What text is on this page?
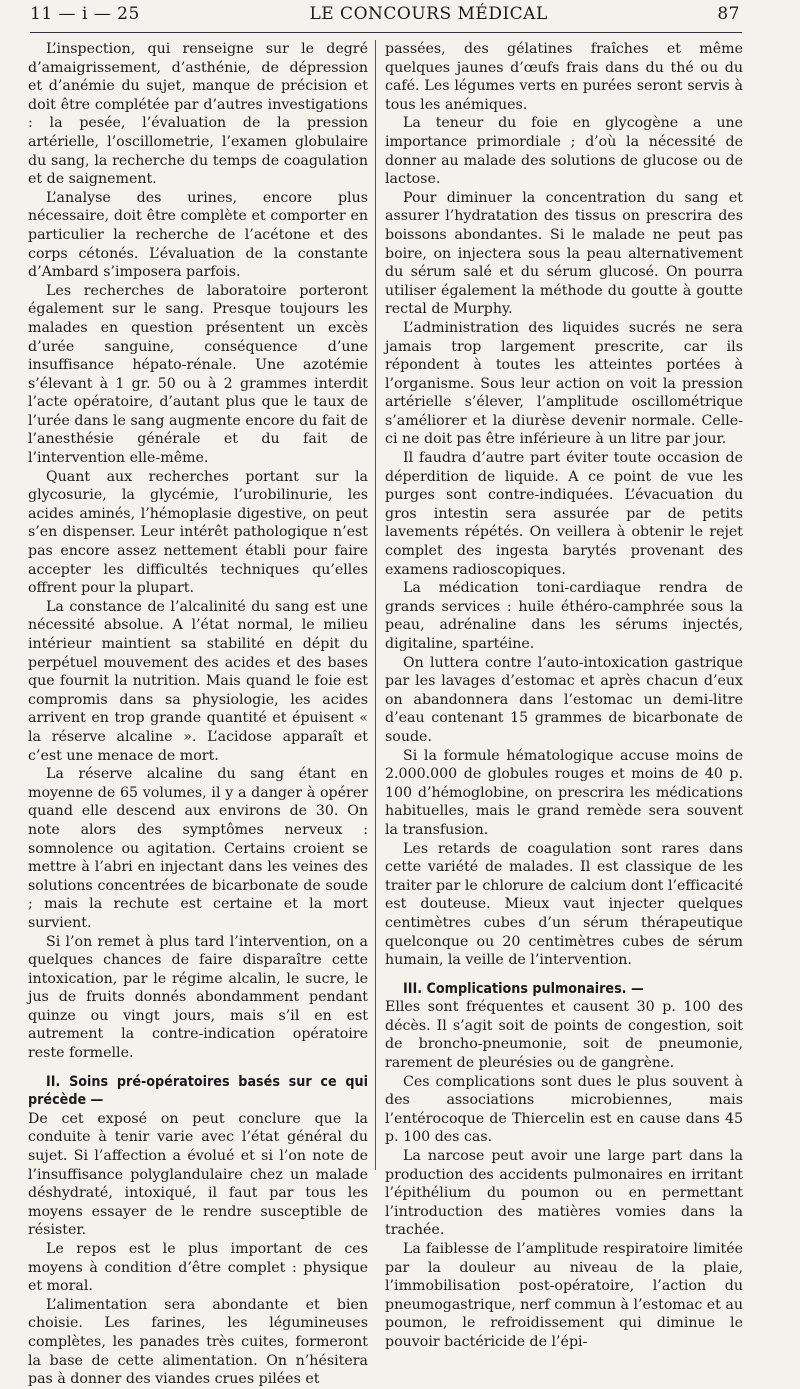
11 — i — 25	LE CONCOURS MÉDICAL	87

L’inspection, qui renseigne sur le degré d’amaigrissement, d’asthénie, de dépression et d’anémie du sujet, manque de précision et doit être complétée par d’autres investigations : la pesée, l’évaluation de la pression artérielle, l’oscillometrie, l’examen globulaire du sang, la recherche du temps de coagulation et de saignement.

L’analyse des urines, encore plus nécessaire, doit être complète et comporter en particulier la recherche de l’acétone et des corps cétonés. L’évaluation de la constante d’Ambard s’imposera parfois.

Les recherches de laboratoire porteront également sur le sang. Presque toujours les malades en question présentent un excès d’urée sanguine, conséquence d’une insuffisance hépato-rénale. Une azotémie s’élevant à 1 gr. 50 ou à 2 grammes interdit l’acte opératoire, d’autant plus que le taux de l’urée dans le sang augmente encore du fait de l’anesthésie générale et du fait de l’intervention elle-même.

Quant aux recherches portant sur la glycosurie, la glycémie, l’urobilinurie, les acides aminés, l’hémoplasie digestive, on peut s’en dispenser. Leur intérêt pathologique n’est pas encore assez nettement établi pour faire accepter les difficultés techniques qu’elles offrent pour la plupart.

La constance de l’alcalinité du sang est une nécessité absolue. A l’état normal, le milieu intérieur maintient sa stabilité en dépit du perpétuel mouvement des acides et des bases que fournit la nutrition. Mais quand le foie est compromis dans sa physiologie, les acides arrivent en trop grande quantité et épuisent « la réserve alcaline ». L’acidose apparaît et c’est une menace de mort.

La réserve alcaline du sang étant en moyenne de 65 volumes, il y a danger à opérer quand elle descend aux environs de 30. On note alors des symptômes nerveux : somnolence ou agitation. Certains croient se mettre à l’abri en injectant dans les veines des solutions concentrées de bicarbonate de soude ; mais la rechute est certaine et la mort survient.

Si l’on remet à plus tard l’intervention, on a quelques chances de faire disparaître cette intoxication, par le régime alcalin, le sucre, le jus de fruits donnés abondamment pendant quinze ou vingt jours, mais s’il en est autrement la contre-indication opératoire reste formelle.

II. Soins pré-opératoires basés sur ce qui précède —

De cet exposé on peut conclure que la conduite à tenir varie avec l’état général du sujet. Si l’affection a évolué et si l’on note de l’insuffisance polyglandulaire chez un malade déshydraté, intoxiqué, il faut par tous les moyens essayer de le rendre susceptible de résister.

Le repos est le plus important de ces moyens à condition d’être complet : physique et moral.

L’alimentation sera abondante et bien choisie. Les farines, les légumineuses complètes, les panades très cuites, formeront la base de cette alimentation. On n’hésitera pas à donner des viandes crues pilées et

passées, des gélatines fraîches et même quelques jaunes d’œufs frais dans du thé ou du café. Les légumes verts en purées seront servis à tous les anémiques.

La teneur du foie en glycogène a une importance primordiale ; d’où la nécessité de donner au malade des solutions de glucose ou de lactose.

Pour diminuer la concentration du sang et assurer l’hydratation des tissus on prescrira des boissons abondantes. Si le malade ne peut pas boire, on injectera sous la peau alternativement du sérum salé et du sérum glucosé. On pourra utiliser également la méthode du goutte à goutte rectal de Murphy.

L’administration des liquides sucrés ne sera jamais trop largement prescrite, car ils répondent à toutes les atteintes portées à l’organisme. Sous leur action on voit la pression artérielle s’élever, l’amplitude oscillométrique s’améliorer et la diurèse devenir normale. Celle-ci ne doit pas être inférieure à un litre par jour.

Il faudra d’autre part éviter toute occasion de déperdition de liquide. A ce point de vue les purges sont contre-indiquées. L’évacuation du gros intestin sera assurée par de petits lavements répétés. On veillera à obtenir le rejet complet des ingesta barytés provenant des examens radioscopiques.

La médication toni-cardiaque rendra de grands services : huile éthéro-camphrée sous la peau, adrénaline dans les sérums injectés, digitaline, spartéine.

On luttera contre l’auto-intoxication gastrique par les lavages d’estomac et après chacun d’eux on abandonnera dans l’estomac un demi-litre d’eau contenant 15 grammes de bicarbonate de soude.

Si la formule hématologique accuse moins de 2.000.000 de globules rouges et moins de 40 p. 100 d’hémoglobine, on prescrira les médications habituelles, mais le grand remède sera souvent la transfusion.

Les retards de coagulation sont rares dans cette variété de malades. Il est classique de les traiter par le chlorure de calcium dont l’efficacité est douteuse. Mieux vaut injecter quelques centimètres cubes d’un sérum thérapeutique quelconque ou 20 centimètres cubes de sérum humain, la veille de l’intervention.

III. Complications pulmonaires. —

Elles sont fréquentes et causent 30 p. 100 des décès. Il s’agit soit de points de congestion, soit de broncho-pneumonie, soit de pneumonie, rarement de pleurésies ou de gangrène.

Ces complications sont dues le plus souvent à des associations microbiennes, mais l’entérocoque de Thiercelin est en cause dans 45 p. 100 des cas.

La narcose peut avoir une large part dans la production des accidents pulmonaires en irritant l’épithélium du poumon ou en permettant l’introduction des matières vomies dans la trachée.

La faiblesse de l’amplitude respiratoire limitée par la douleur au niveau de la plaie, l’immobilisation post-opératoire, l’action du pneumogastrique, nerf commun à l’estomac et au poumon, le refroidissement qui diminue le pouvoir bactéricide de l’épi-
